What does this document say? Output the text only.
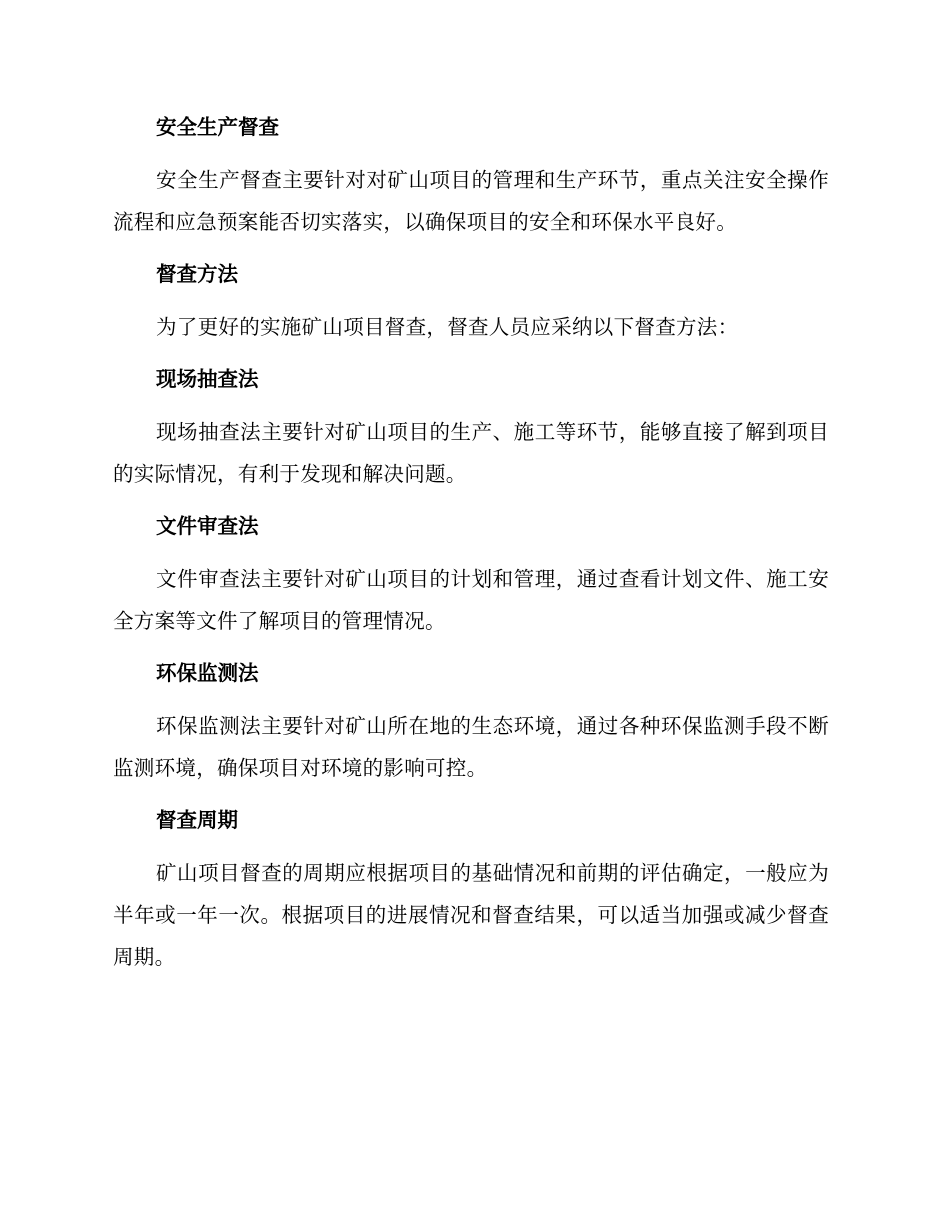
安全生产督查

安全生产督查主要针对对矿山项目的管理和生产环节，重点关注安全操作流程和应急预案能否切实落实，以确保项目的安全和环保水平良好。

督查方法

为了更好的实施矿山项目督查，督查人员应采纳以下督查方法：

现场抽查法

现场抽查法主要针对矿山项目的生产、施工等环节，能够直接了解到项目的实际情况，有利于发现和解决问题。

文件审查法

文件审查法主要针对矿山项目的计划和管理，通过查看计划文件、施工安全方案等文件了解项目的管理情况。

环保监测法

环保监测法主要针对矿山所在地的生态环境，通过各种环保监测手段不断监测环境，确保项目对环境的影响可控。

督查周期

矿山项目督查的周期应根据项目的基础情况和前期的评估确定，一般应为半年或一年一次。根据项目的进展情况和督查结果，可以适当加强或减少督查周期。
